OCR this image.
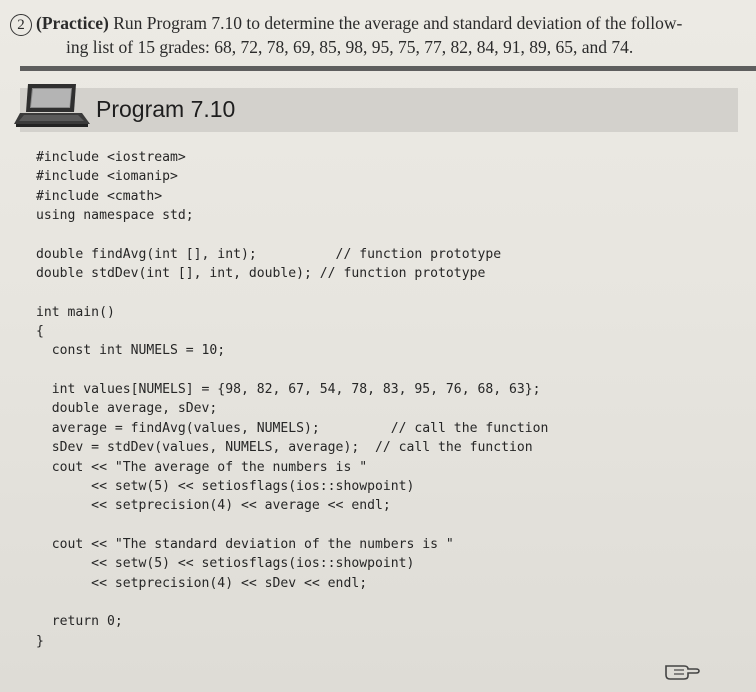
2 (Practice) Run Program 7.10 to determine the average and standard deviation of the follow-
ing list of 15 grades: 68, 72, 78, 69, 85, 98, 95, 75, 77, 82, 84, 91, 89, 65, and 74.
Program 7.10
#include <iostream>
#include <iomanip>
#include <cmath>
using namespace std;
double findAvg(int [], int);          // function prototype
double stdDev(int [], int, double); // function prototype
int main()
{
const int NUMELS = 10;
int values[NUMELS] = {98, 82, 67, 54, 78, 83, 95, 76, 68, 63};
double average, sDev;
average = findAvg(values, NUMELS);         // call the function
sDev = stdDev(values, NUMELS, average);  // call the function
cout << "The average of the numbers is "
<< setw(5) << setiosflags(ios::showpoint)
<< setprecision(4) << average << endl;
cout << "The standard deviation of the numbers is "
<< setw(5) << setiosflags(ios::showpoint)
<< setprecision(4) << sDev << endl;
return 0;
}
